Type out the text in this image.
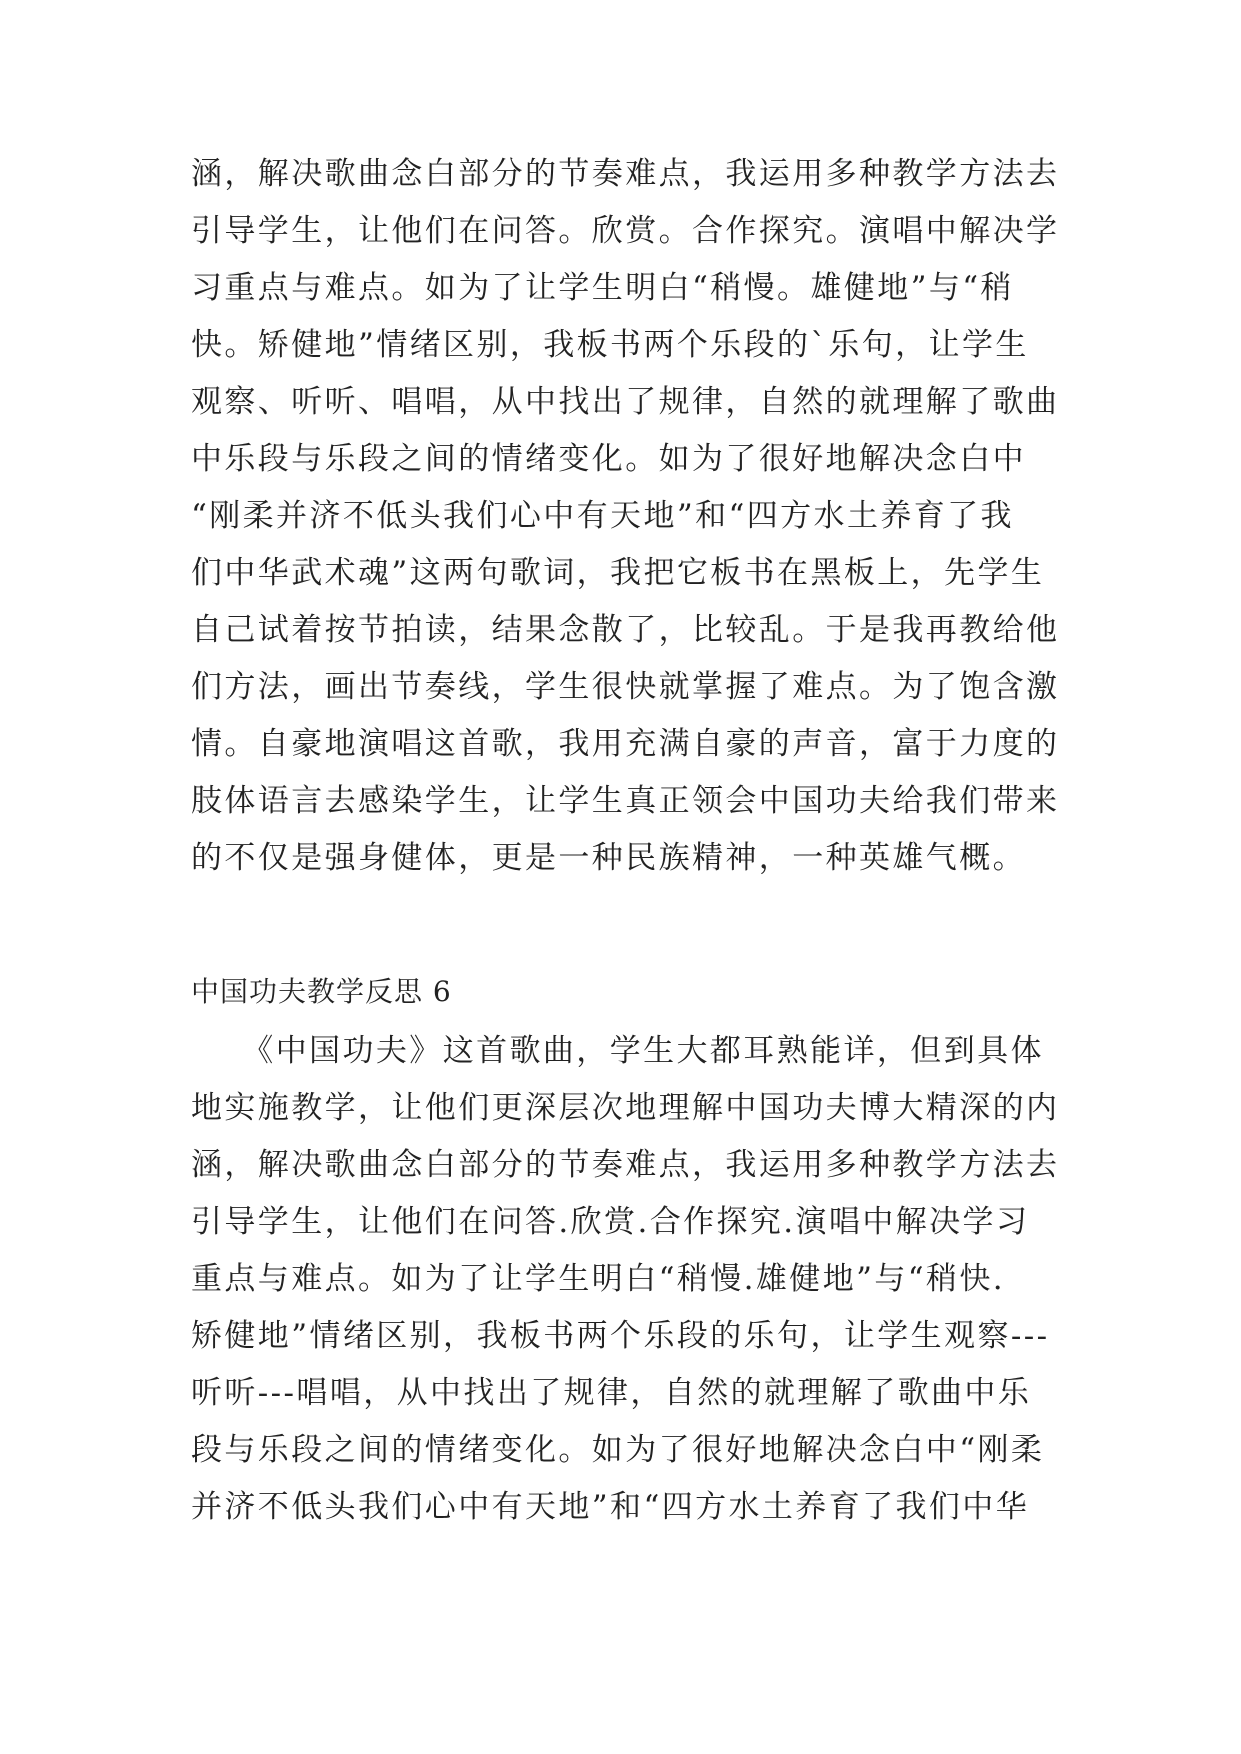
涵，解决歌曲念白部分的节奏难点，我运用多种教学方法去
引导学生，让他们在问答。欣赏。合作探究。演唱中解决学
习重点与难点。如为了让学生明白“稍慢。雄健地”与“稍
快。矫健地”情绪区别，我板书两个乐段的`乐句，让学生
观察、听听、唱唱，从中找出了规律，自然的就理解了歌曲
中乐段与乐段之间的情绪变化。如为了很好地解决念白中
“刚柔并济不低头我们心中有天地”和“四方水土养育了我
们中华武术魂”这两句歌词，我把它板书在黑板上，先学生
自己试着按节拍读，结果念散了，比较乱。于是我再教给他
们方法，画出节奏线，学生很快就掌握了难点。为了饱含激
情。自豪地演唱这首歌，我用充满自豪的声音，富于力度的
肢体语言去感染学生，让学生真正领会中国功夫给我们带来
的不仅是强身健体，更是一种民族精神，一种英雄气概。
中国功夫教学反思 6
　　《中国功夫》这首歌曲，学生大都耳熟能详，但到具体
地实施教学，让他们更深层次地理解中国功夫博大精深的内
涵，解决歌曲念白部分的节奏难点，我运用多种教学方法去
引导学生，让他们在问答.欣赏.合作探究.演唱中解决学习
重点与难点。如为了让学生明白“稍慢.雄健地”与“稍快.
矫健地”情绪区别，我板书两个乐段的乐句，让学生观察---
听听---唱唱，从中找出了规律，自然的就理解了歌曲中乐
段与乐段之间的情绪变化。如为了很好地解决念白中“刚柔
并济不低头我们心中有天地”和“四方水土养育了我们中华
